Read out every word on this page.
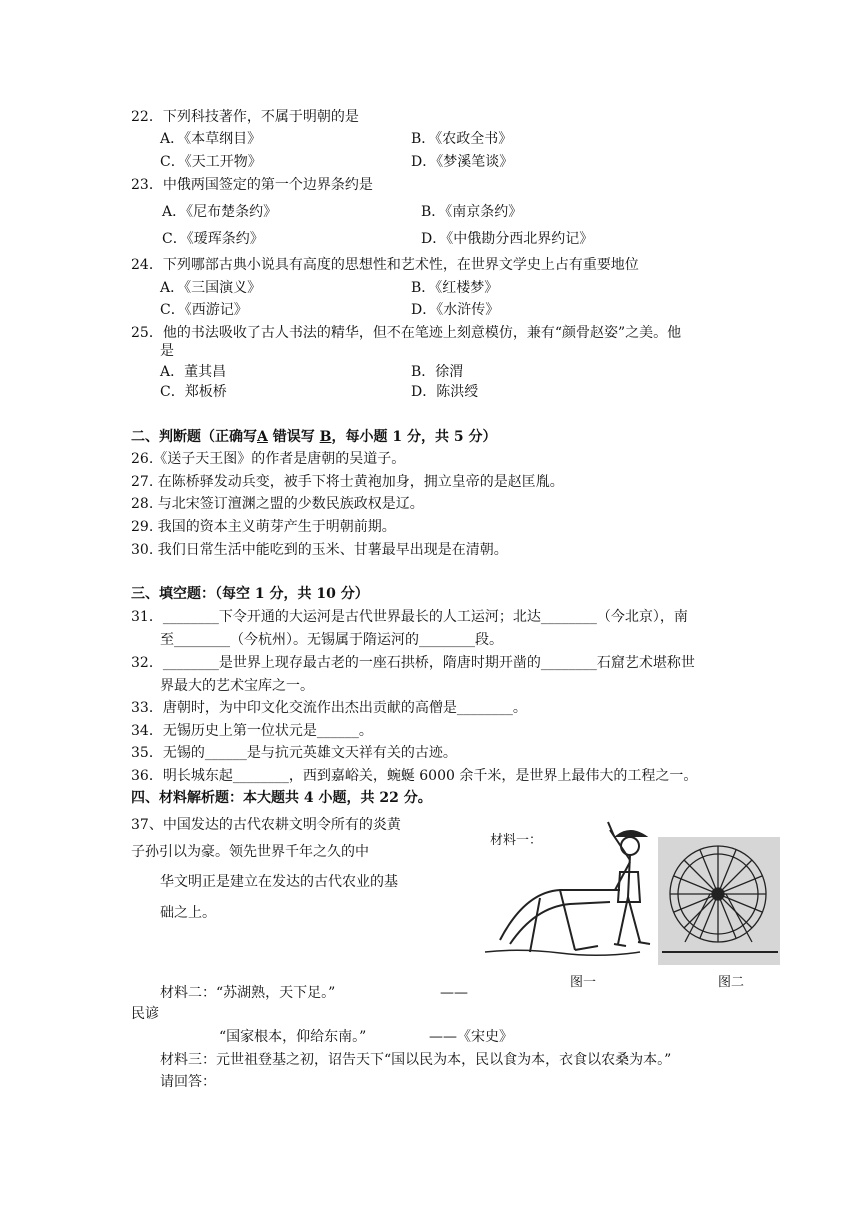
22．下列科技著作，不属于明朝的是
A．《本草纲目》	B．《农政全书》
C．《天工开物》	D．《梦溪笔谈》
23．中俄两国签定的第一个边界条约是
A．《尼布楚条约》	B．《南京条约》
C．《瑷珲条约》	D．《中俄勘分西北界约记》
24．下列哪部古典小说具有高度的思想性和艺术性，在世界文学史上占有重要地位
A．《三国演义》	B．《红楼梦》
C．《西游记》	D．《水浒传》
25．他的书法吸收了古人书法的精华，但不在笔迹上刻意模仿，兼有“颜骨赵姿”之美。他
是
A．董其昌	B．徐渭
C．郑板桥	D．陈洪绶
二、判断题（正确写A 错误写 B，每小题 1 分，共 5 分）
26.《送子天王图》的作者是唐朝的吴道子。
27. 在陈桥驿发动兵变，被手下将士黄袍加身，拥立皇帝的是赵匡胤。
28. 与北宋签订澶渊之盟的少数民族政权是辽。
29. 我国的资本主义萌芽产生于明朝前期。
30. 我们日常生活中能吃到的玉米、甘薯最早出现是在清朝。
三、填空题：（每空 1 分，共 10 分）
31．________下令开通的大运河是古代世界最长的人工运河；北达________（今北京），南
至________（今杭州）。无锡属于隋运河的________段。
32．________是世界上现存最古老的一座石拱桥，隋唐时期开凿的________石窟艺术堪称世
界最大的艺术宝库之一。
33．唐朝时，为中印文化交流作出杰出贡献的高僧是________。
34．无锡历史上第一位状元是______。
35．无锡的______是与抗元英雄文天祥有关的古迹。
36．明长城东起________，西到嘉峪关，蜿蜒 6000 余千米，是世界上最伟大的工程之一。
四、材料解析题：本大题共 4 小题，共 22 分。
37、中国发达的古代农耕文明令所有的炎黄
子孙引以为豪。领先世界千年之久的中
华文明正是建立在发达的古代农业的基
础之上。
材料一：
图一	图二
材料二：“苏湖熟，天下足。”	——
民谚
“国家根本，仰给东南。”	——《宋史》
材料三：元世祖登基之初，诏告天下“国以民为本，民以食为本，衣食以农桑为本。”
请回答：
